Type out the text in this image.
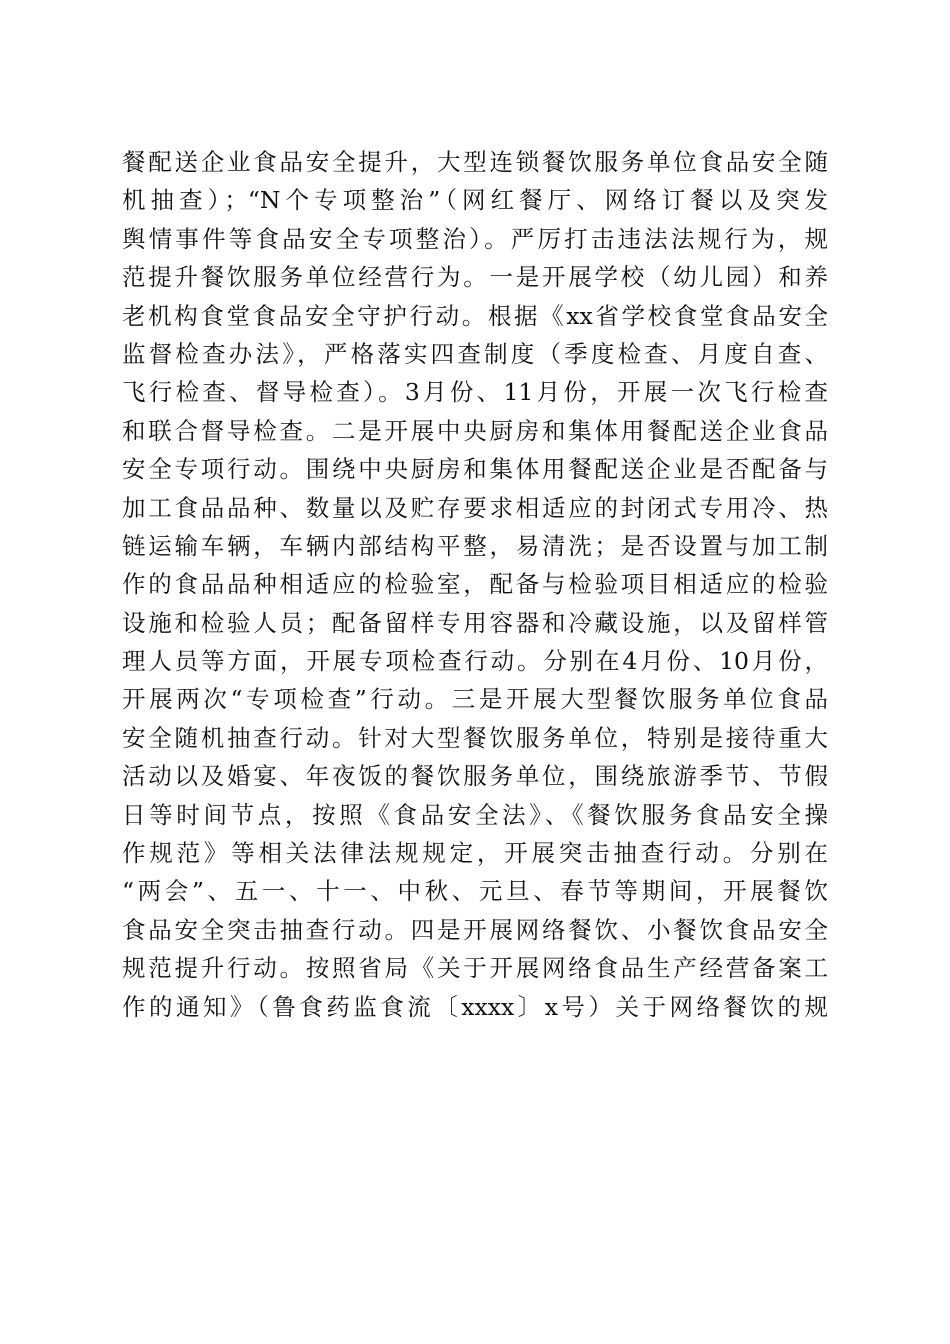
餐配送企业食品安全提升，大型连锁餐饮服务单位食品安全随
机抽查）；“N个专项整治”（网红餐厅、网络订餐以及突发
舆情事件等食品安全专项整治）。严厉打击违法法规行为，规
范提升餐饮服务单位经营行为。一是开展学校（幼儿园）和养
老机构食堂食品安全守护行动。根据《xx省学校食堂食品安全
监督检查办法》，严格落实四查制度（季度检查、月度自查、
飞行检查、督导检查）。3月份、11月份，开展一次飞行检查
和联合督导检查。二是开展中央厨房和集体用餐配送企业食品
安全专项行动。围绕中央厨房和集体用餐配送企业是否配备与
加工食品品种、数量以及贮存要求相适应的封闭式专用冷、热
链运输车辆，车辆内部结构平整，易清洗；是否设置与加工制
作的食品品种相适应的检验室，配备与检验项目相适应的检验
设施和检验人员；配备留样专用容器和冷藏设施，以及留样管
理人员等方面，开展专项检查行动。分别在4月份、10月份，
开展两次“专项检查”行动。三是开展大型餐饮服务单位食品
安全随机抽查行动。针对大型餐饮服务单位，特别是接待重大
活动以及婚宴、年夜饭的餐饮服务单位，围绕旅游季节、节假
日等时间节点，按照《食品安全法》、《餐饮服务食品安全操
作规范》等相关法律法规规定，开展突击抽查行动。分别在
“两会”、五一、十一、中秋、元旦、春节等期间，开展餐饮
食品安全突击抽查行动。四是开展网络餐饮、小餐饮食品安全
规范提升行动。按照省局《关于开展网络食品生产经营备案工
作的通知》（鲁食药监食流〔xxxx〕x号）关于网络餐饮的规
